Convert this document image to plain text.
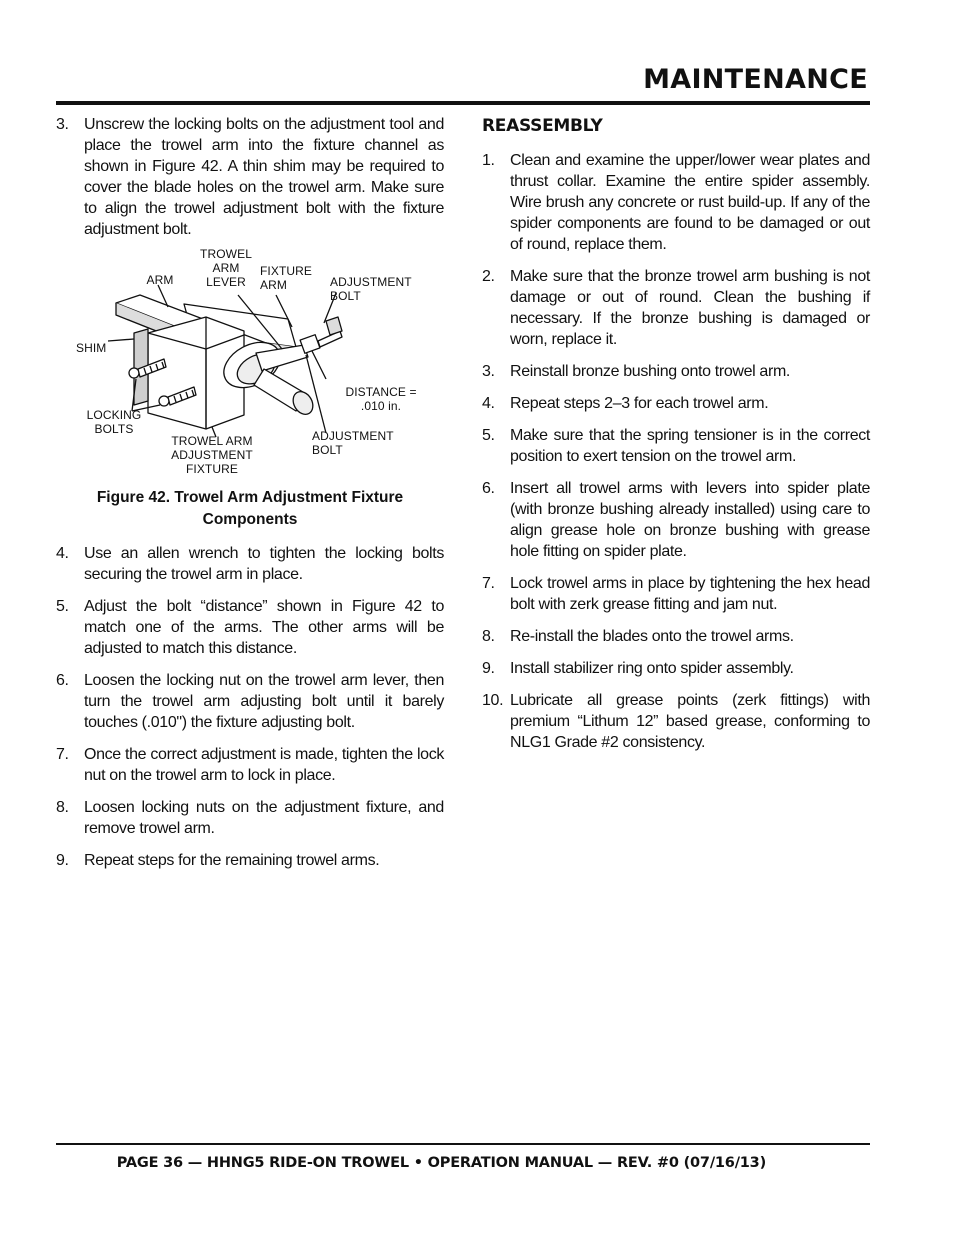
MAINTENANCE
3. Unscrew the locking bolts on the adjustment tool and place the trowel arm into the fixture channel as shown in Figure 42. A thin shim may be required to cover the blade holes on the trowel arm. Make sure to align the trowel adjustment bolt with the fixture adjustment bolt.
TROWEL
ARM
LEVER
ARM
FIXTURE
ARM	ADJUSTMENT
BOLT
SHIM
DISTANCE =
.010 in.
LOCKING
BOLTS
TROWEL ARM
ADJUSTMENT
FIXTURE
ADJUSTMENT
BOLT
Figure 42. Trowel Arm Adjustment Fixture Components
4. Use an allen wrench to tighten the locking bolts securing the trowel arm in place.
5. Adjust the bolt “distance” shown in Figure 42 to match one of the arms. The other arms will be adjusted to match this distance.
6. Loosen the locking nut on the trowel arm lever, then turn the trowel arm adjusting bolt until it barely touches (.010") the fixture adjusting bolt.
7. Once the correct adjustment is made, tighten the lock nut on the trowel arm to lock in place.
8. Loosen locking nuts on the adjustment fixture, and remove trowel arm.
9. Repeat steps for the remaining trowel arms.
REASSEMBLY
1. Clean and examine the upper/lower wear plates and thrust collar. Examine the entire spider assembly. Wire brush any concrete or rust build-up. If any of the spider components are found to be damaged or out of round, replace them.
2. Make sure that the bronze trowel arm bushing is not damage or out of round. Clean the bushing if necessary. If the bronze bushing is damaged or worn, replace it.
3. Reinstall bronze bushing onto trowel arm.
4. Repeat steps 2–3 for each trowel arm.
5. Make sure that the spring tensioner is in the correct position to exert tension on the trowel arm.
6. Insert all trowel arms with levers into spider plate (with bronze bushing already installed) using care to align grease hole on bronze bushing with grease hole fitting on spider plate.
7. Lock trowel arms in place by tightening the hex head bolt with zerk grease fitting and jam nut.
8. Re-install the blades onto the trowel arms.
9. Install stabilizer ring onto spider assembly.
10. Lubricate all grease points (zerk fittings) with premium “Lithum 12” based grease, conforming to NLG1 Grade #2 consistency.
PAGE 36 — HHNG5 RIDE-ON TROWEL • OPERATION MANUAL — REV. #0 (07/16/13)
